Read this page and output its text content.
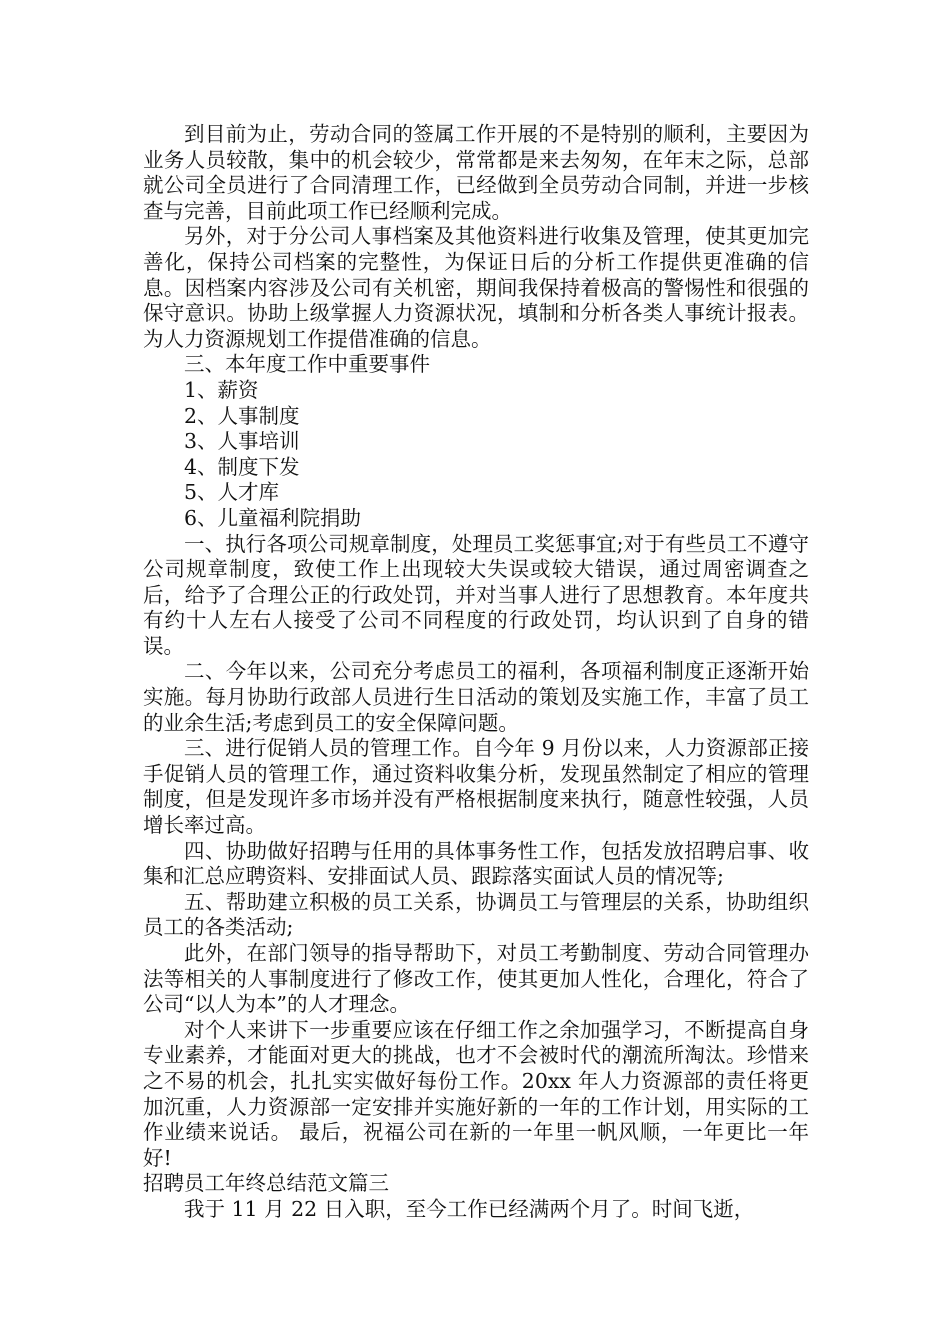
到目前为止，劳动合同的签属工作开展的不是特别的顺利，主要因为业务人员较散，集中的机会较少，常常都是来去匆匆，在年末之际，总部就公司全员进行了合同清理工作，已经做到全员劳动合同制，并进一步核查与完善，目前此项工作已经顺利完成。

另外，对于分公司人事档案及其他资料进行收集及管理，使其更加完善化，保持公司档案的完整性，为保证日后的分析工作提供更准确的信息。因档案内容涉及公司有关机密，期间我保持着极高的警惕性和很强的保守意识。协助上级掌握人力资源状况，填制和分析各类人事统计报表。为人力资源规划工作提借准确的信息。

三、本年度工作中重要事件

1、薪资

2、人事制度

3、人事培训

4、制度下发

5、人才库

6、儿童福利院捐助

一、执行各项公司规章制度，处理员工奖惩事宜;对于有些员工不遵守公司规章制度，致使工作上出现较大失误或较大错误，通过周密调查之后，给予了合理公正的行政处罚，并对当事人进行了思想教育。本年度共有约十人左右人接受了公司不同程度的行政处罚，均认识到了自身的错误。

二、今年以来，公司充分考虑员工的福利，各项福利制度正逐渐开始实施。每月协助行政部人员进行生日活动的策划及实施工作，丰富了员工的业余生活;考虑到员工的安全保障问题。

三、进行促销人员的管理工作。自今年 9 月份以来，人力资源部正接手促销人员的管理工作，通过资料收集分析，发现虽然制定了相应的管理制度，但是发现许多市场并没有严格根据制度来执行，随意性较强，人员增长率过高。

四、协助做好招聘与任用的具体事务性工作，包括发放招聘启事、收集和汇总应聘资料、安排面试人员、跟踪落实面试人员的情况等;

五、帮助建立积极的员工关系，协调员工与管理层的关系，协助组织员工的各类活动;

此外，在部门领导的指导帮助下，对员工考勤制度、劳动合同管理办法等相关的人事制度进行了修改工作，使其更加人性化，合理化，符合了公司“以人为本”的人才理念。

对个人来讲下一步重要应该在仔细工作之余加强学习，不断提高自身专业素养，才能面对更大的挑战，也才不会被时代的潮流所淘汰。珍惜来之不易的机会，扎扎实实做好每份工作。20xx 年人力资源部的责任将更加沉重，人力资源部一定安排并实施好新的一年的工作计划，用实际的工作业绩来说话。 最后，祝福公司在新的一年里一帆风顺，一年更比一年好!

招聘员工年终总结范文篇三

我于 11 月 22 日入职，至今工作已经满两个月了。时间飞逝，
